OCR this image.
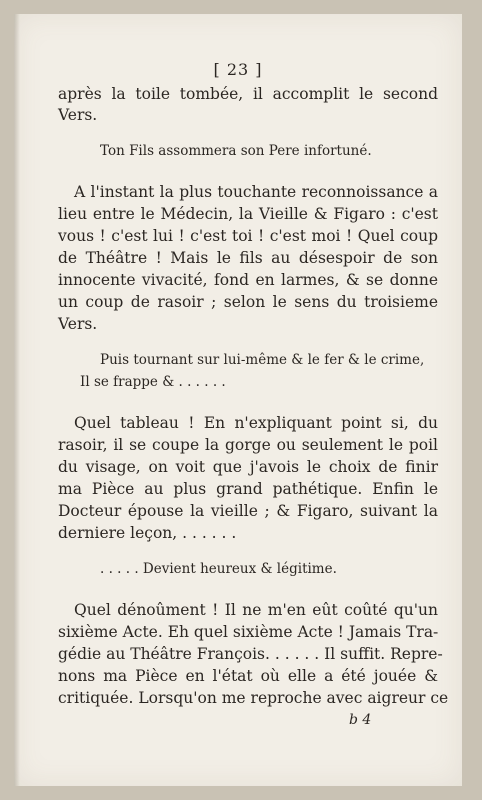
[ 23 ]
après la toile tombée, il accomplit le second
Vers.
Ton Fils assommera son Pere infortuné.
A l'instant la plus touchante reconnoissance a
lieu entre le Médecin, la Vieille & Figaro : c'est
vous ! c'est lui ! c'est toi ! c'est moi ! Quel coup
de Théâtre ! Mais le fils au désespoir de son
innocente vivacité, fond en larmes, & se donne
un coup de rasoir ; selon le sens du troisieme
Vers.
Puis tournant sur lui-même & le fer & le crime,
Il se frappe & . . . . . .
Quel tableau ! En n'expliquant point si, du
rasoir, il se coupe la gorge ou seulement le poil
du visage, on voit que j'avois le choix de finir
ma Pièce au plus grand pathétique. Enfin le
Docteur épouse la vieille ; & Figaro, suivant la
derniere leçon, . . . . . .
. . . . . Devient heureux & légitime.
Quel dénoûment ! Il ne m'en eût coûté qu'un
sixième Acte. Eh quel sixième Acte ! Jamais Tra-
gédie au Théâtre François. . . . . . Il suffit. Repre-
nons ma Pièce en l'état où elle a été jouée &
critiquée. Lorsqu'on me reproche avec aigreur ce
b 4
